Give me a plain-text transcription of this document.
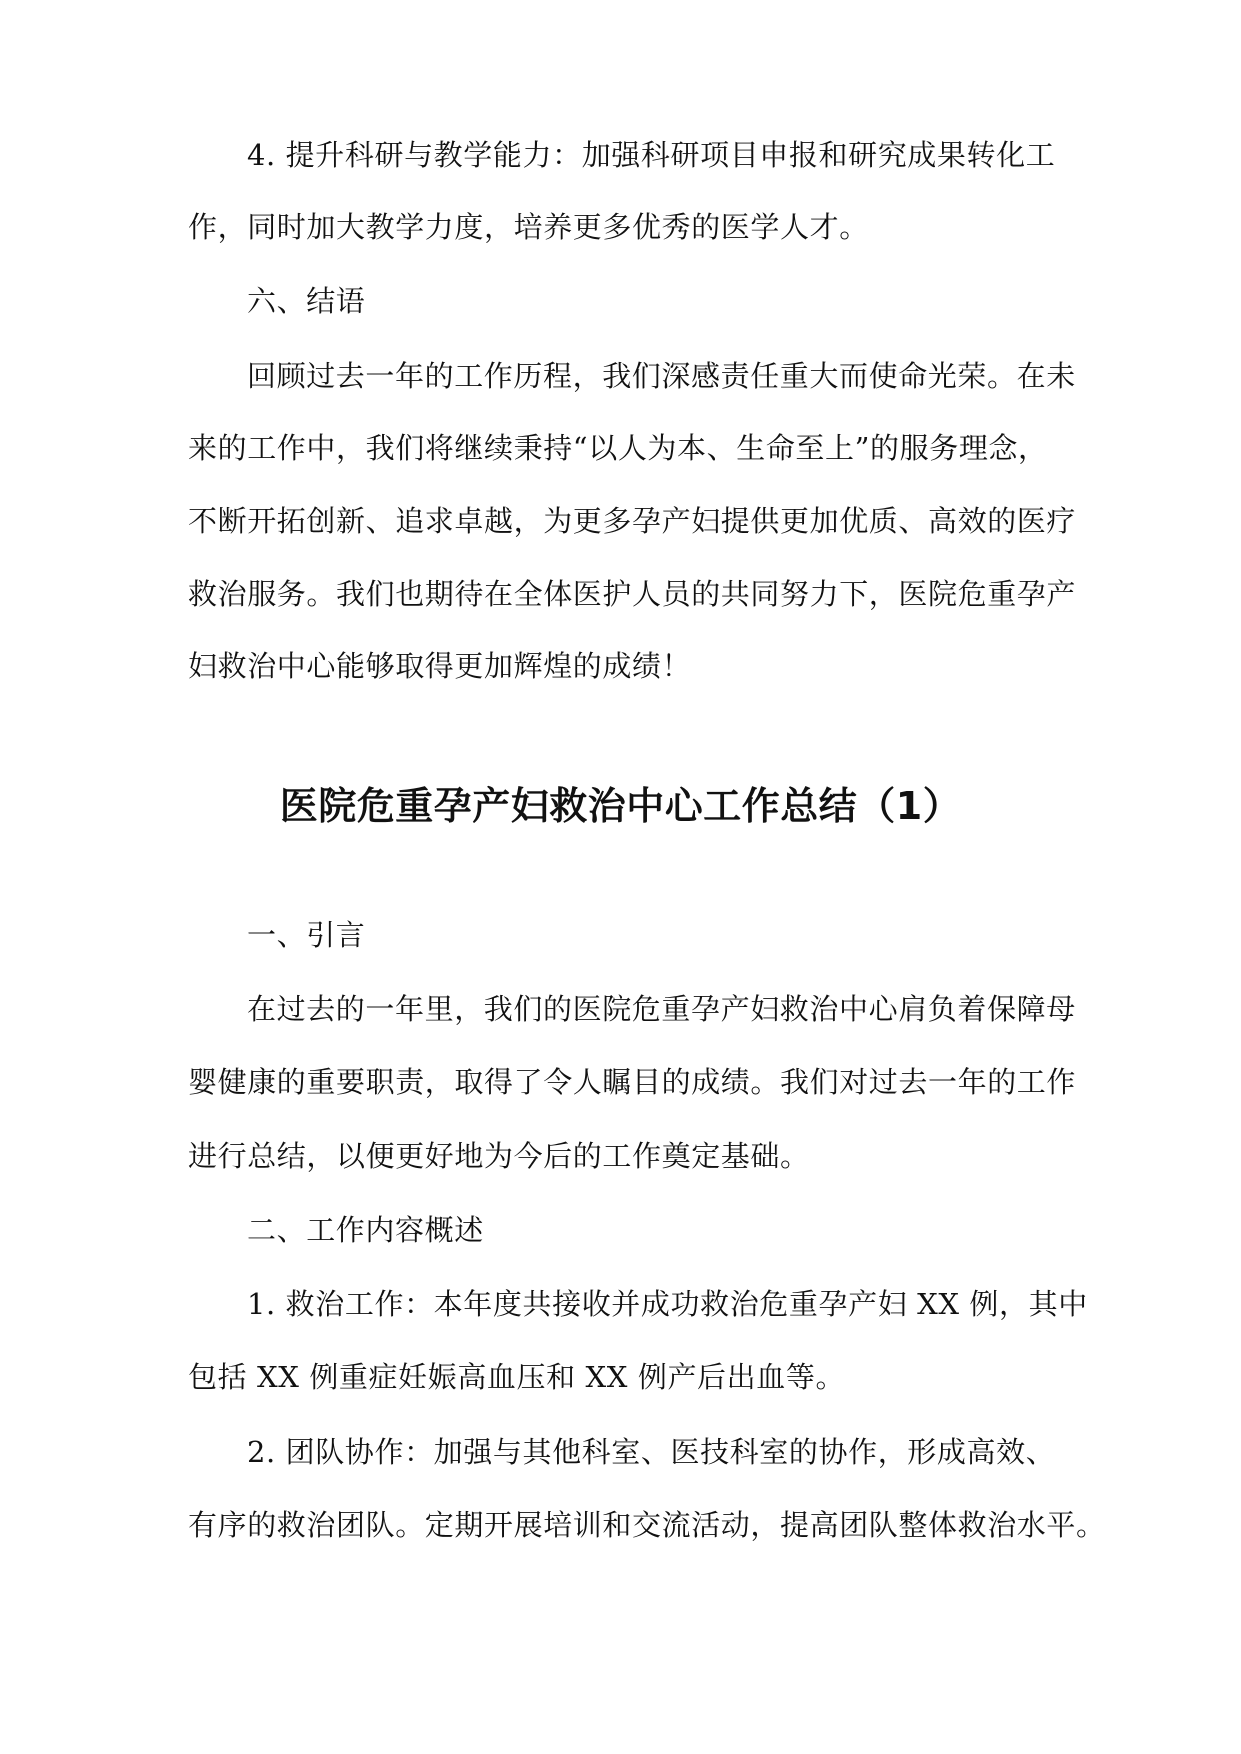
4. 提升科研与教学能力：加强科研项目申报和研究成果转化工
作，同时加大教学力度，培养更多优秀的医学人才。
六、结语
回顾过去一年的工作历程，我们深感责任重大而使命光荣。在未
来的工作中，我们将继续秉持“以人为本、生命至上”的服务理念，
不断开拓创新、追求卓越，为更多孕产妇提供更加优质、高效的医疗
救治服务。我们也期待在全体医护人员的共同努力下，医院危重孕产
妇救治中心能够取得更加辉煌的成绩！
医院危重孕产妇救治中心工作总结（1）
一、引言
在过去的一年里，我们的医院危重孕产妇救治中心肩负着保障母
婴健康的重要职责，取得了令人瞩目的成绩。我们对过去一年的工作
进行总结，以便更好地为今后的工作奠定基础。
二、工作内容概述
1. 救治工作：本年度共接收并成功救治危重孕产妇 XX 例，其中
包括 XX 例重症妊娠高血压和 XX 例产后出血等。
2. 团队协作：加强与其他科室、医技科室的协作，形成高效、
有序的救治团队。定期开展培训和交流活动，提高团队整体救治水平。
